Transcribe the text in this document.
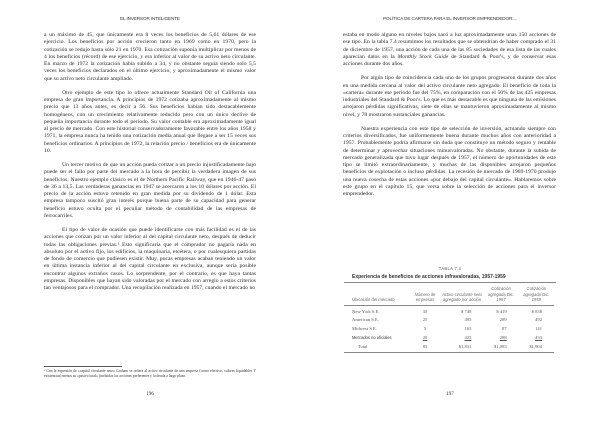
EL INVERSOR INTELIGENTE

a un máximo de 45, que únicamente era 8 veces los beneficios de 5,61 dólares de ese ejercicio. Los beneficios por acción crecieron tanto en 1969 como en 1970, pero la cotización se redujo hasta sólo 21 en 1970. Esa cotización suponía multiplicar por menos de 4 los beneficios (récord) de ese ejercicio, y era inferior al valor de su activo neto circulante. En marzo de 1972 la cotización había subido a 34, y no obstante seguía siendo solo 5,5 veces los beneficios declarados en el último ejercicio, y aproximadamente el mismo valor que su activo neto circulante ampliado.

Otro ejemplo de este tipo lo ofrece actualmente Standard Oil of California una empresa de gran importancia. A principios de 1972 cotizaba aproximadamente al mismo precio que 13 años antes, es decir a 56. Sus beneficios habían sido destacablemente homogéneos, con un crecimiento relativamente reducido pero con un único declive de pequeña importancia durante todo el período. Su valor contable era aproximadamente igual al precio de mercado. Con este historial conservadoramente favorable entre los años 1958 y 1971, la empresa nunca ha tenido una cotización media anual que llegase a ser 15 veces sus beneficios ordinarios. A principios de 1972, la relación precio / beneficios era de únicamente 10.

Un tercer motivo de que un acción pueda cotizar a un precio injustificadamente bajo puede ser el fallo por parte del mercado a la hora de percibir la verdadera imagen de sus beneficios. Nuestro ejemplo clásico es el de Northern Pacific Railway, que en 1946-47 pasó de 36 a 13,5. Las verdaderas ganancias en 1947 se acercaron a los 10 dólares por acción. El precio de la acción estuvo retenido en gran medida por su dividendo de 1 dólar. Esta empresa tampoco suscitó gran interés porque buena parte de su capacidad para generar beneficio estuvo oculta por el peculiar método de contabilidad de las empresas de ferrocarriles.

El tipo de valor de ocasión que puede identificarse con más facilidad es el de las acciones que cotizan por un valor inferior al del capital circulante neto, después de deducir todas las obligaciones previas.¹ Esto significaría que el comprador no pagaría nada en absoluto por el activo fijo, los edificios, la maquinaria, etcétera, o por cualesquiera partidas de fondo de comercio que pudiesen existir. Muy, pocas empresas acaban teniendo un valor en última instancia inferior al del capital circulante en exclusiva, aunque sería posible encontrar algunos extraños casos. Lo sorprendente, por el contrario, es que haya tantas empresas. Disponibles que hayan sido valoradas por el mercado con arreglo a estos criterios tan ventajosos para el comprador. Una recopilación realizada en 1957, cuando el mercado no

¹ Con la expresión de «capital circulante neto» Graham se refiere al activo circulante de una empresa (como efectivo, valores liquidables Y existencias) menos su «pasivo total» (incluidas las acciones preferentes y la deuda a largo plazo.
196
POLÍTICA DE CARTERA PARA EL INVERSOR EMPRENDEDOR:...

estaba en modo alguno en niveles bajos sacó a luz aproximadamente unas 150 acciones de ese tipo. En la tabla 7.4 resumimos los resultados que se obtendrían de haber comprado el 31 de diciembre de 1957, una acción de cada una de las 85 sociedades de esa lista de las cuales aparecían datos en la Monthly Stock Guide de Standard & Poor's, y de conservar esas acciones durante dos años.

Por algún tipo de coincidencia cada uno de los grupos progresaron durante dos años en una medida cercana al valor del activo circulante neto agregado. El beneficio de toda la «cartera» durante ese período fue del 75%, en comparación con el 50% de las 425 empresas industriales del Standard & Poor's. Lo que es más destacable es que ninguna de las emisiones arrojaron pérdidas significativas, siete de ellas se mantuvieron aproximadamente al mismo nivel, y 78 mostraron sustanciales ganancias.

Nuestra experiencia con este tipo de selección de inversión, actuando siempre con criterios diversificados, fue uniformemente buena durante muchos años con anterioridad a 1957. Probablemente podría afirmarse sin duda que constituye un método seguro y rentable de determinar y aprovechar situaciones minusvaloradas. No obstante, durante la subida de mercado generalizada que tuvo lugar después de 1957, el número de oportunidades de este tipo se limitó extraordinariamente, y muchas de las disponibles arrojaron pequeños beneficios de explotación o incluso pérdidas. La recesión de mercado de 1969-1970 produjo una nueva cosecha de estas acciones «por debajo del capital circulante». Hablaremos sobre este grupo en el capítulo 15, que versa sobre la selección de acciones para el inversor emprendedor.

197
TABLA 7.4
Experiencia de beneficios de acciones infravaloradas, 1957-1959
Ubicación del mercado	Número de empresas	Activo circulante neto agregado por acción	Cotización agregada Dic. 1957	Cotización agregada Dic. 1959

New York S.E.	35	$ 748	$ 419	$ 838
American S.E.	25	495	289	492
Midwest S.E.	5	163	87	141
Mercados no oficiales	20	425	288	433
Total	85	$1,831	$1,083	$1,904
